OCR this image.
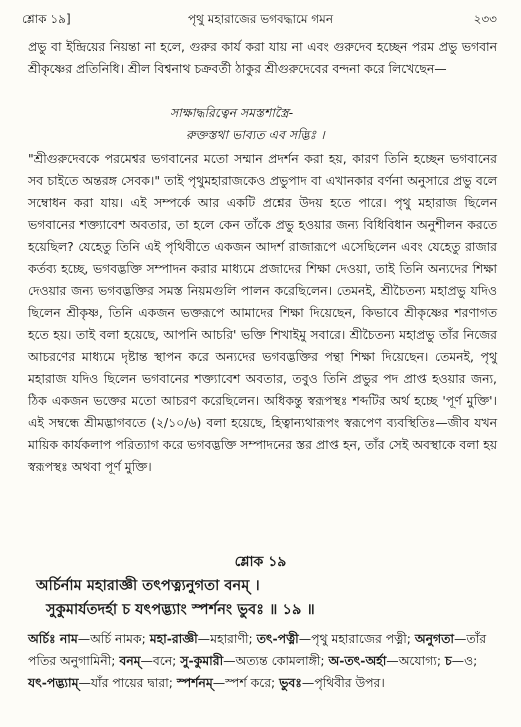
শ্লোক ১৯]	পৃথু মহারাজের ভগবদ্ধামে গমন	২৩৩

প্রভু বা ইন্দ্রিয়ের নিয়ন্তা না হলে, গুরুর কার্য করা যায় না এবং গুরুদেব হচ্ছেন পরম প্রভু ভগবান শ্রীকৃষ্ণের প্রতিনিধি। শ্রীল বিশ্বনাথ চক্রবর্তী ঠাকুর শ্রীগুরুদেবের বন্দনা করে লিখেছেন—

সাক্ষাদ্ধরিত্বেন সমস্তশাস্ত্রৈ-
রুক্তস্তথা ভাব্যত এব সদ্ভিঃ ।

"শ্রীগুরুদেবকে পরমেশ্বর ভগবানের মতো সম্মান প্রদর্শন করা হয়, কারণ তিনি হচ্ছেন ভগবানের সব চাইতে অন্তরঙ্গ সেবক।" তাই পৃথুমহারাজকেও প্রভুপাদ বা এখানকার বর্ণনা অনুসারে প্রভু বলে সম্বোধন করা যায়। এই সম্পর্কে আর একটি প্রশ্নের উদয় হতে পারে। পৃথু মহারাজ ছিলেন ভগবানের শক্ত্যাবেশ অবতার, তা হলে কেন তাঁকে প্রভু হওয়ার জন্য বিধিবিধান অনুশীলন করতে হয়েছিল? যেহেতু তিনি এই পৃথিবীতে একজন আদর্শ রাজারূপে এসেছিলেন এবং যেহেতু রাজার কর্তব্য হচ্ছে, ভগবদ্ভক্তি সম্পাদন করার মাধ্যমে প্রজাদের শিক্ষা দেওয়া, তাই তিনি অন্যদের শিক্ষা দেওয়ার জন্য ভগবদ্ভক্তির সমস্ত নিয়মগুলি পালন করেছিলেন। তেমনই, শ্রীচৈতন্য মহাপ্রভু যদিও ছিলেন শ্রীকৃষ্ণ, তিনি একজন ভক্তরূপে আমাদের শিক্ষা দিয়েছেন, কিভাবে শ্রীকৃষ্ণের শরণাগত হতে হয়। তাই বলা হয়েছে, আপনি আচরি' ভক্তি শিখাইমু সবারে। শ্রীচৈতন্য মহাপ্রভু তাঁর নিজের আচরণের মাধ্যমে দৃষ্টান্ত স্থাপন করে অন্যদের ভগবদ্ভক্তির পন্থা শিক্ষা দিয়েছেন। তেমনই, পৃথু মহারাজ যদিও ছিলেন ভগবানের শক্ত্যাবেশ অবতার, তবুও তিনি প্রভুর পদ প্রাপ্ত হওয়ার জন্য, ঠিক একজন ভক্তের মতো আচরণ করেছিলেন। অধিকন্তু স্বরূপস্থঃ শব্দটির অর্থ হচ্ছে 'পূর্ণ মুক্তি'। এই সম্বন্ধে শ্রীমদ্ভাগবতে (২/১০/৬) বলা হয়েছে, হিত্বান্যথারূপং স্বরূপেণ ব্যবস্থিতিঃ—জীব যখন মায়িক কার্যকলাপ পরিত্যাগ করে ভগবদ্ভক্তি সম্পাদনের স্তর প্রাপ্ত হন, তাঁর সেই অবস্থাকে বলা হয় স্বরূপস্থঃ অথবা পূর্ণ মুক্তি।

শ্লোক ১৯
অর্চির্নাম মহারাজ্ঞী তৎপত্ন্যনুগতা বনম্ ।
সুকুমার্যতদর্হা চ যৎপদ্ভ্যাং স্পর্শনং ভুবঃ ॥ ১৯ ॥
অর্চিঃ নাম—অর্চি নামক; মহা-রাজ্ঞী—মহারাণী; তৎ-পত্নী—পৃথু মহারাজের পত্নী; অনুগতা—তাঁর পতির অনুগামিনী; বনম্—বনে; সু-কুমারী—অত্যন্ত কোমলাঙ্গী; অ-তৎ-অর্হা—অযোগ্য; চ—ও; যৎ-পদ্ভ্যাম্—যাঁর পায়ের দ্বারা; স্পর্শনম্—স্পর্শ করে; ভুবঃ—পৃথিবীর উপর।
